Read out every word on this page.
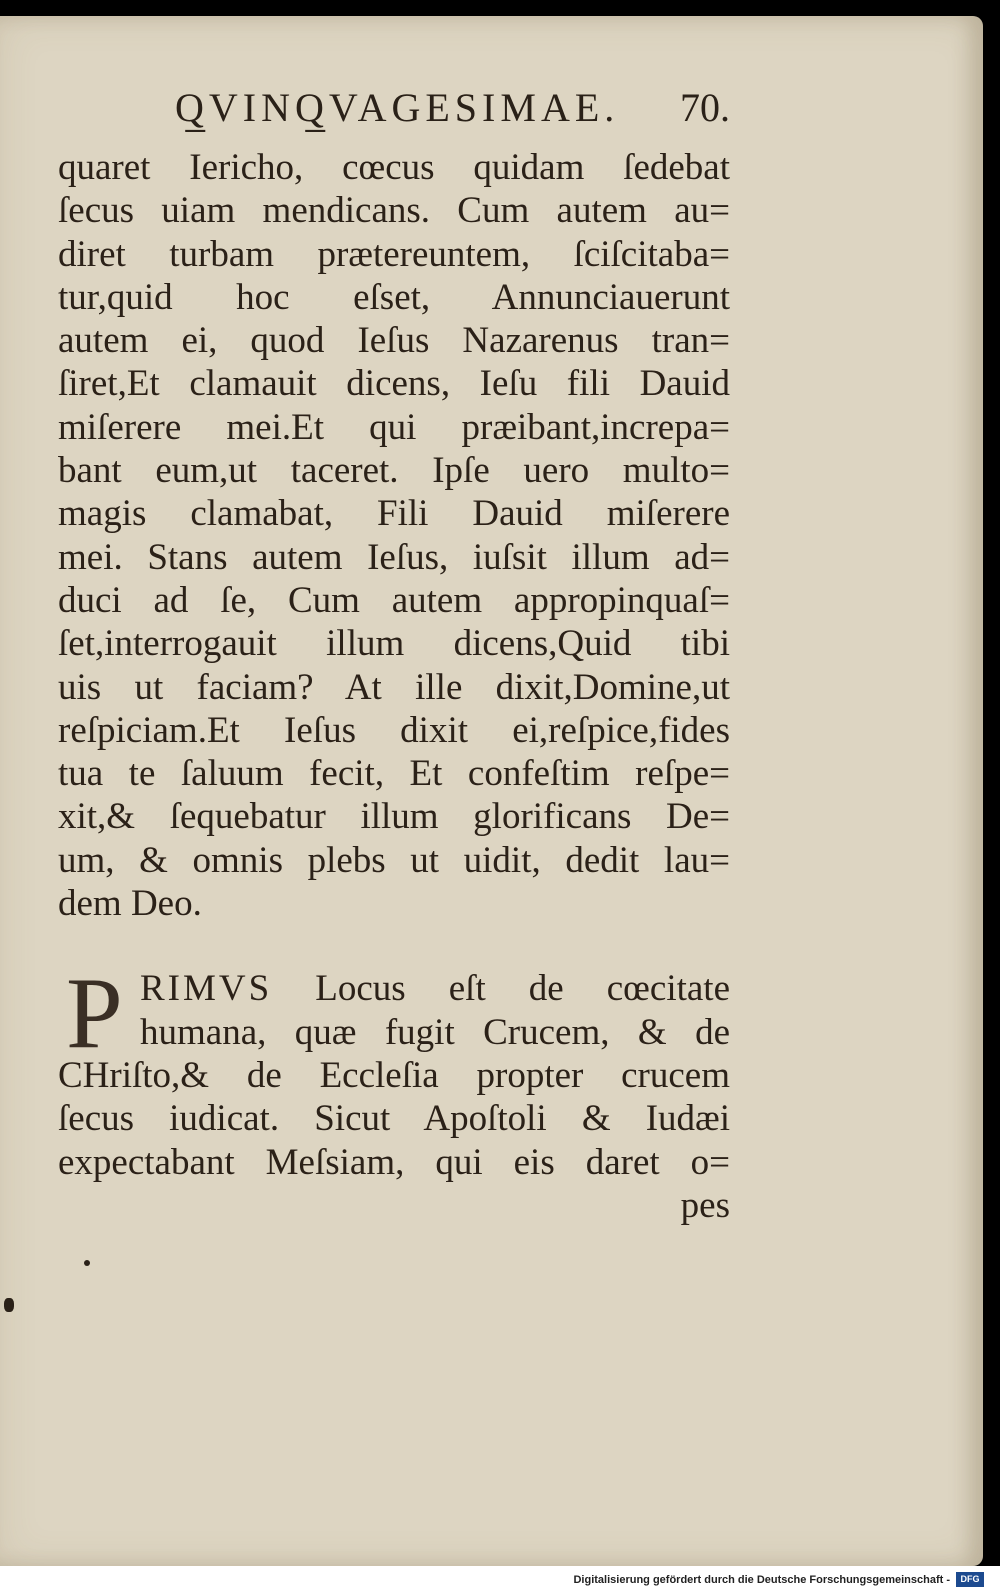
Q̲VINQ̲VAGESIMAE. 70.
quaret Iericho, cœcus quidam ſedebat
ſecus uiam mendicans. Cum autem au=
diret turbam prætereuntem, ſciſcitaba=
tur,quid hoc eſset, Annunciauerunt
autem ei, quod Ieſus Nazarenus tran=
ſiret,Et clamauit dicens, Ieſu fili Dauid
miſerere mei.Et qui præibant,increpa=
bant eum,ut taceret. Ipſe uero multo=
magis clamabat, Fili Dauid miſerere
mei. Stans autem Ieſus, iuſsit illum ad=
duci ad ſe, Cum autem appropinquaſ=
ſet,interrogauit illum dicens,Quid tibi
uis ut faciam? At ille dixit,Domine,ut
reſpiciam.Et Ieſus dixit ei,reſpice,fides
tua te ſaluum fecit, Et confeſtim reſpe=
xit,& ſequebatur illum glorificans De=
um, & omnis plebs ut uidit, dedit lau=
dem Deo.
P RIMVS Locus eſt de cœcitate
humana, quæ fugit Crucem, & de
CHriſto,& de Eccleſia propter crucem
ſecus iudicat. Sicut Apoſtoli & Iudæi
expectabant Meſsiam, qui eis daret o=
pes
Digitalisierung gefördert durch die Deutsche Forschungsgemeinschaft -	DFG
